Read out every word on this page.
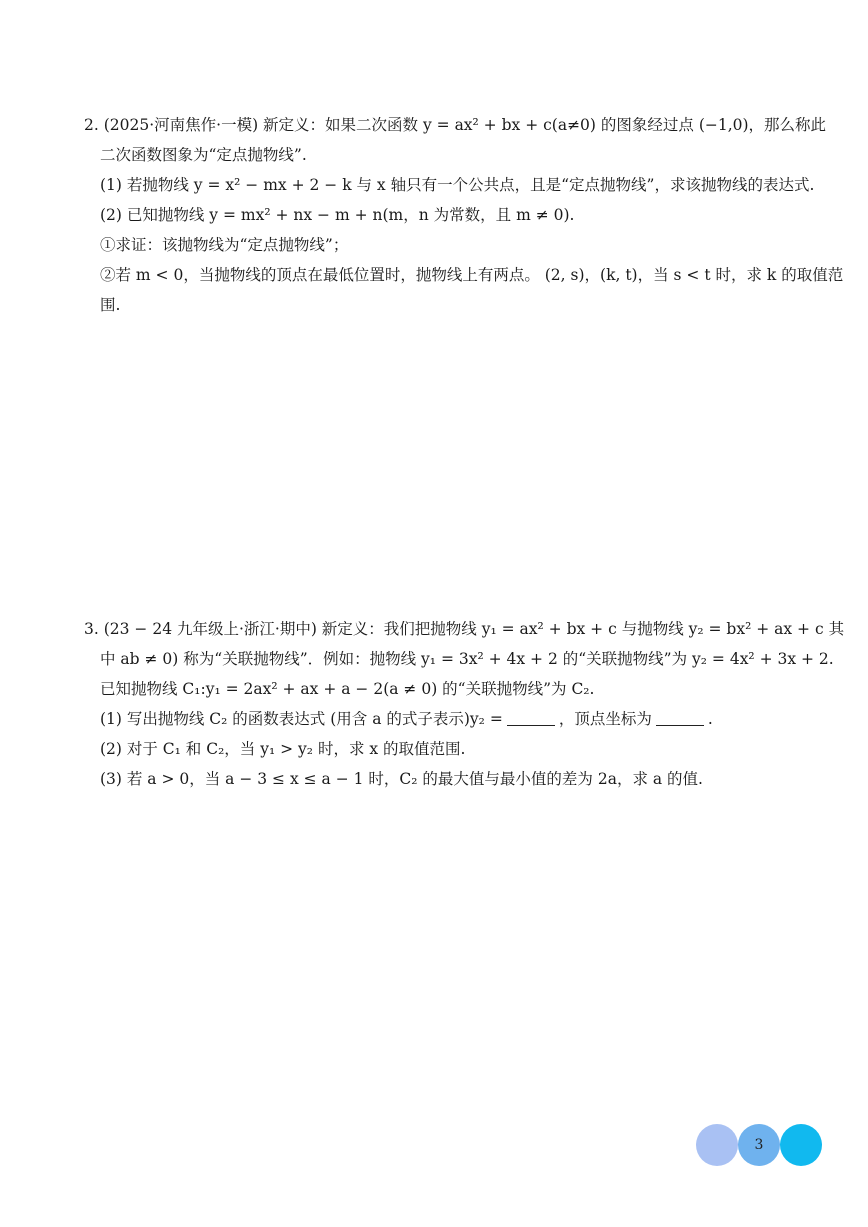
2. (2025·河南焦作·一模) 新定义：如果二次函数 y = ax² + bx + c(a≠0) 的图象经过点 (−1,0)，那么称此
二次函数图象为“定点抛物线”.
(1) 若抛物线 y = x² − mx + 2 − k 与 x 轴只有一个公共点，且是“定点抛物线”，求该抛物线的表达式.
(2) 已知抛物线 y = mx² + nx − m + n(m，n 为常数，且 m ≠ 0).
①求证：该抛物线为“定点抛物线”；
②若 m < 0，当抛物线的顶点在最低位置时，抛物线上有两点。 (2, s)，(k, t)，当 s < t 时，求 k 的取值范
围.
3. (23 − 24 九年级上·浙江·期中) 新定义：我们把抛物线 y₁ = ax² + bx + c 与抛物线 y₂ = bx² + ax + c 其
中 ab ≠ 0) 称为“关联抛物线”．例如：抛物线 y₁ = 3x² + 4x + 2 的“关联抛物线”为 y₂ = 4x² + 3x + 2.
已知抛物线 C₁:y₁ = 2ax² + ax + a − 2(a ≠ 0) 的“关联抛物线”为 C₂.
(1) 写出抛物线 C₂ 的函数表达式 (用含 a 的式子表示)y₂ =	，顶点坐标为	.
(2) 对于 C₁ 和 C₂，当 y₁ > y₂ 时，求 x 的取值范围.
(3) 若 a > 0，当 a − 3 ≤ x ≤ a − 1 时，C₂ 的最大值与最小值的差为 2a，求 a 的值.
3
